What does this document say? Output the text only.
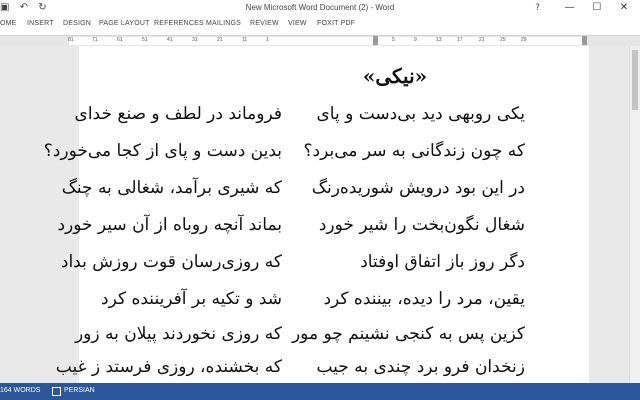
▣ ↶ ↻	New Microsoft Word Document (2) - Word	?	— ☐ ✕
OME INSERT DESIGN PAGE LAYOUT REFERENCES MAILINGS REVIEW VIEW FOXIT PDF
81	71	61	51	41	31	21	11	1	5	9	13	17	21	25	29
«نیکی»
یکی روبهی دید بی‌دست و پای
فروماند در لطف و صنع خدای
که چون زندگانی به سر می‌برد؟
بدین دست و پای از کجا می‌خورد؟
در این بود درویش شوریده‌رنگ
که شیری برآمد، شغالی به چنگ
شغال نگون‌بخت را شیر خورد
بماند آنچه روباه از آن سیر خورد
دگر روز باز اتفاق اوفتاد
که روزی‌رسان قوت روزش بداد
یقین، مرد را دیده، بیننده کرد
شد و تکیه بر آفریننده کرد
کزین پس به کنجی نشینم چو مور
که روزی نخوردند پیلان به زور
زنخدان فرو برد چندی به جیب
که بخشنده، روزی فرستد ز غیب
164 WORDS	PERSIAN
